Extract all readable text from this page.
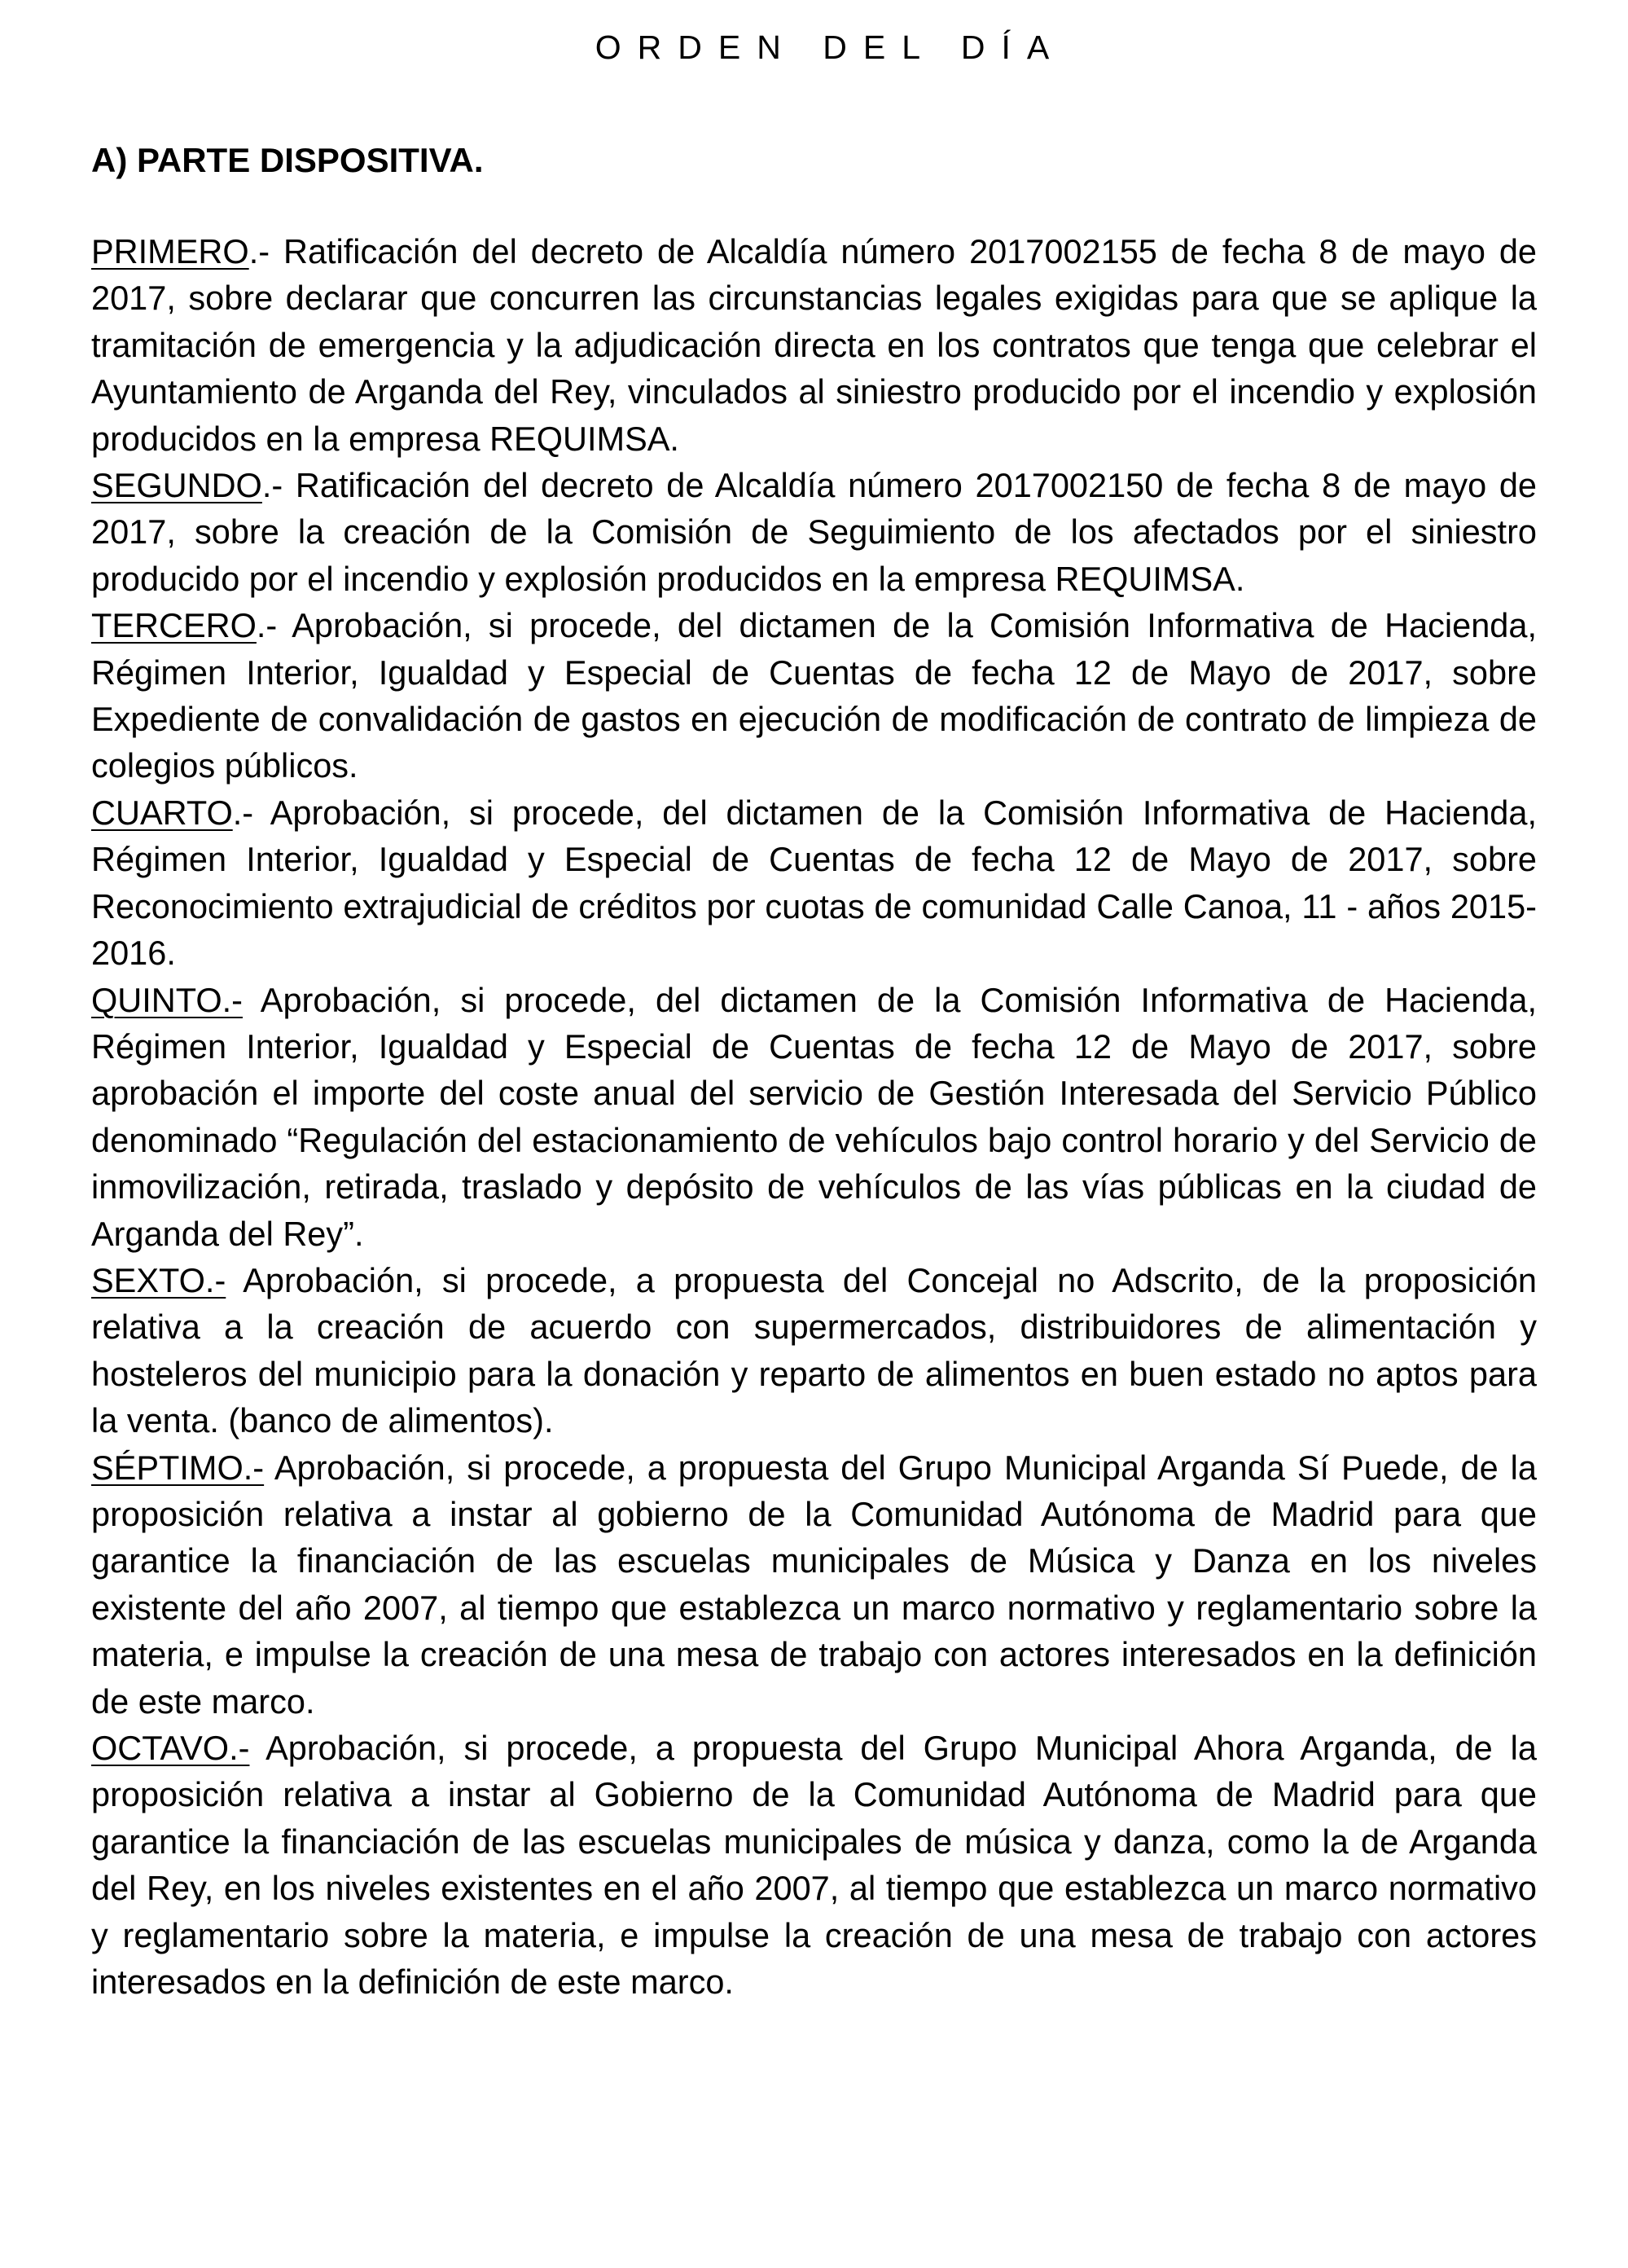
ORDEN DEL DÍA
A) PARTE DISPOSITIVA.

PRIMERO.- Ratificación del decreto de Alcaldía número 2017002155 de fecha 8 de mayo de 2017, sobre declarar que concurren las circunstancias legales exigidas para que se aplique la tramitación de emergencia y la adjudicación directa en los contratos que tenga que celebrar el Ayuntamiento de Arganda del Rey, vinculados al siniestro producido por el incendio y explosión producidos en la empresa REQUIMSA.

SEGUNDO.- Ratificación del decreto de Alcaldía número 2017002150 de fecha 8 de mayo de 2017, sobre la creación de la Comisión de Seguimiento de los afectados por el siniestro producido por el incendio y explosión producidos en la empresa REQUIMSA.

TERCERO.- Aprobación, si procede, del dictamen de la Comisión Informativa de Hacienda, Régimen Interior, Igualdad y Especial de Cuentas de fecha 12 de Mayo de 2017, sobre Expediente de convalidación de gastos en ejecución de modificación de contrato de limpieza de colegios públicos.

CUARTO.- Aprobación, si procede, del dictamen de la Comisión Informativa de Hacienda, Régimen Interior, Igualdad y Especial de Cuentas de fecha 12 de Mayo de 2017, sobre Reconocimiento extrajudicial de créditos por cuotas de comunidad Calle Canoa, 11 - años 2015-2016.

QUINTO.- Aprobación, si procede, del dictamen de la Comisión Informativa de Hacienda, Régimen Interior, Igualdad y Especial de Cuentas de fecha 12 de Mayo de 2017, sobre aprobación el importe del coste anual del servicio de Gestión Interesada del Servicio Público denominado “Regulación del estacionamiento de vehículos bajo control horario y del Servicio de inmovilización, retirada, traslado y depósito de vehículos de las vías públicas en la ciudad de Arganda del Rey”.

SEXTO.- Aprobación, si procede, a propuesta del Concejal no Adscrito, de la proposición relativa a la creación de acuerdo con supermercados, distribuidores de alimentación y hosteleros del municipio para la donación y reparto de alimentos en buen estado no aptos para la venta. (banco de alimentos).

SÉPTIMO.- Aprobación, si procede, a propuesta del Grupo Municipal Arganda Sí Puede, de la proposición relativa a instar al gobierno de la Comunidad Autónoma de Madrid para que garantice la financiación de las escuelas municipales de Música y Danza en los niveles existente del año 2007, al tiempo que establezca un marco normativo y reglamentario sobre la materia, e impulse la creación de una mesa de trabajo con actores interesados en la definición de este marco.

OCTAVO.- Aprobación, si procede, a propuesta del Grupo Municipal Ahora Arganda, de la proposición relativa a instar al Gobierno de la Comunidad Autónoma de Madrid para que garantice la financiación de las escuelas municipales de música y danza, como la de Arganda del Rey, en los niveles existentes en el año 2007, al tiempo que establezca un marco normativo y reglamentario sobre la materia, e impulse la creación de una mesa de trabajo con actores interesados en la definición de este marco.
